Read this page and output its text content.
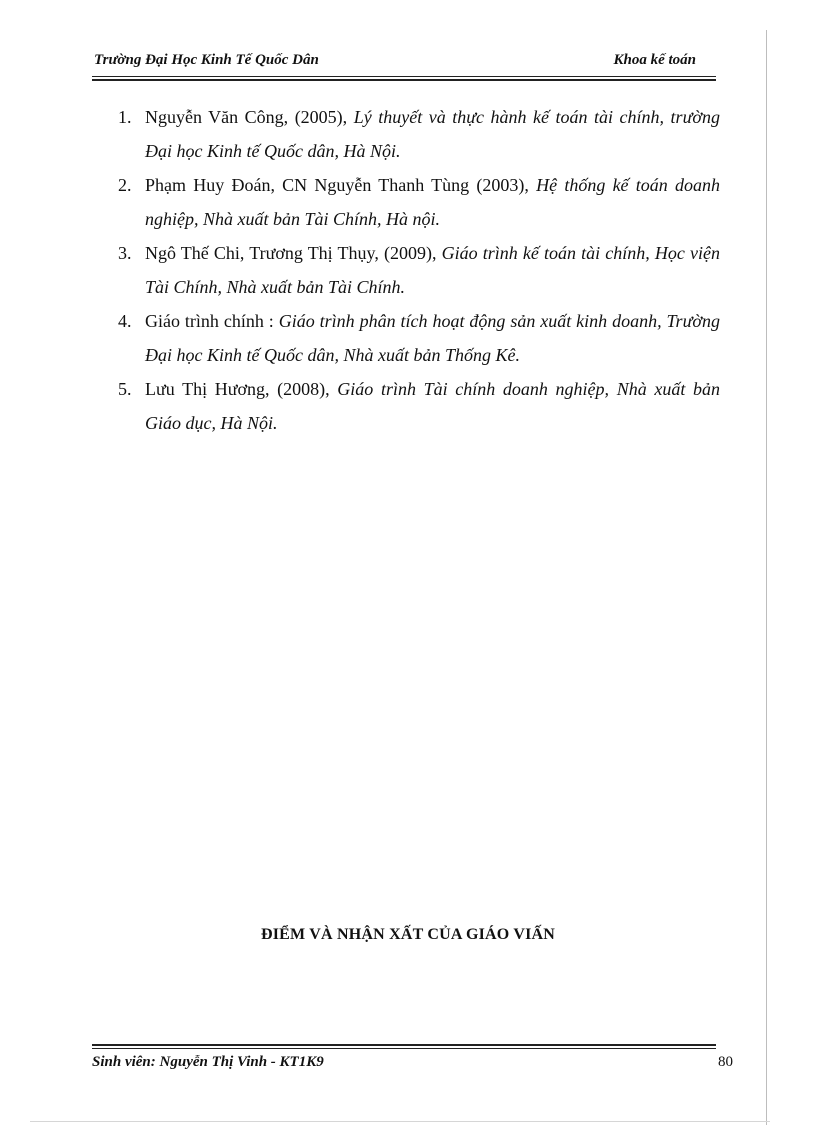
Trường Đại Học Kinh Tế Quốc Dân	Khoa kế toán
1. Nguyễn Văn Công, (2005), Lý thuyết và thực hành kế toán tài chính, trường Đại học Kinh tế Quốc dân, Hà Nội.
2. Phạm Huy Đoán, CN Nguyễn Thanh Tùng (2003), Hệ thống kế toán doanh nghiệp, Nhà xuất bản Tài Chính, Hà nội.
3. Ngô Thế Chi, Trương Thị Thụy, (2009), Giáo trình kế toán tài chính, Học viện Tài Chính, Nhà xuất bản Tài Chính.
4. Giáo trình chính : Giáo trình phân tích hoạt động sản xuất kinh doanh, Trường Đại học Kinh tế Quốc dân, Nhà xuất bản Thống Kê.
5. Lưu Thị Hương, (2008), Giáo trình Tài chính doanh nghiệp, Nhà xuất bản Giáo dục, Hà Nội.
ĐIỂM VÀ NHẬN XẤT CỦA GIÁO VIẤN
Sinh viên: Nguyễn Thị Vinh - KT1K9	80
